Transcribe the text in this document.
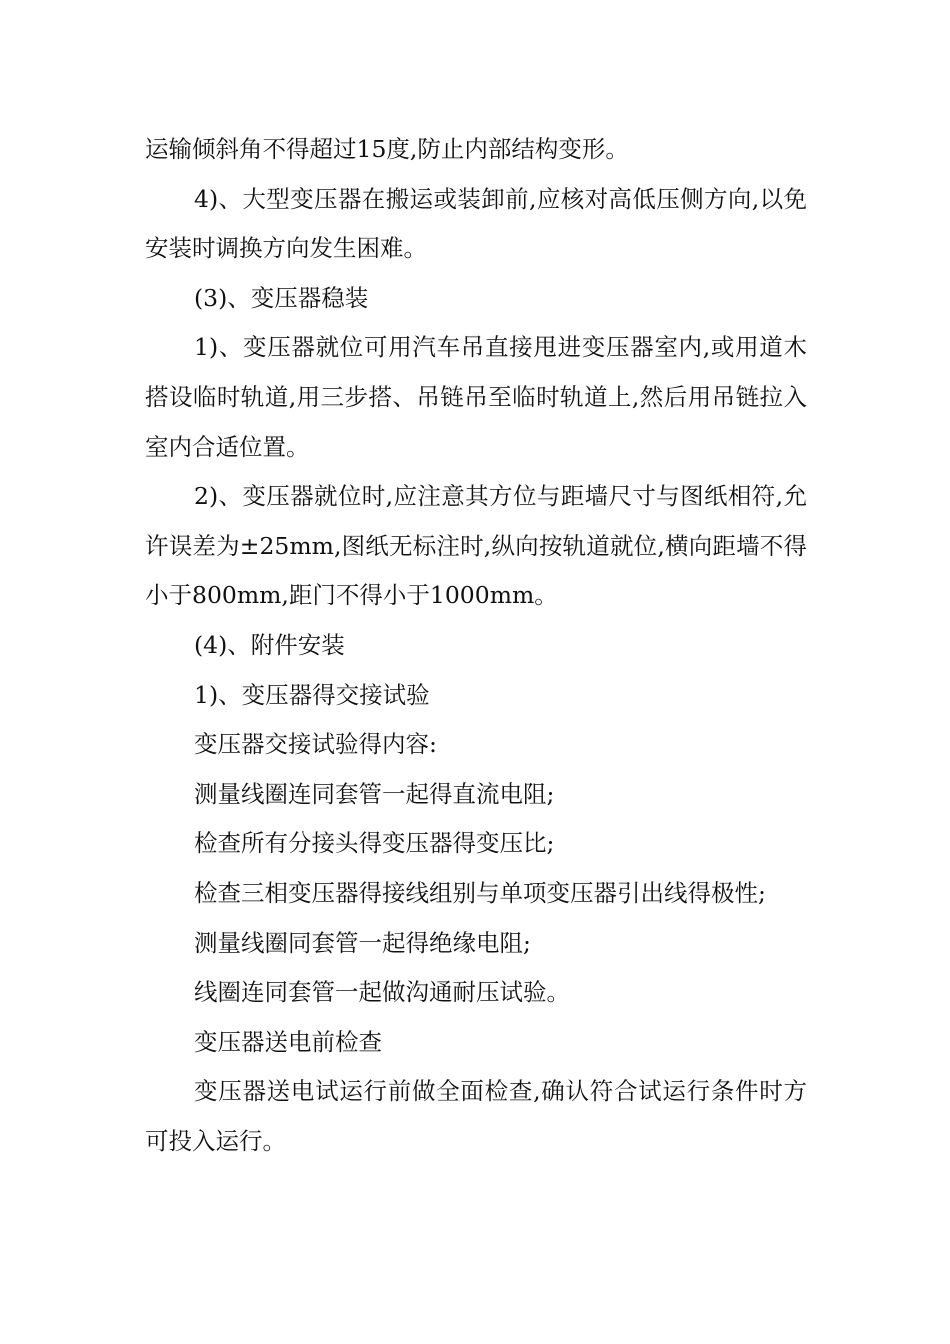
运输倾斜角不得超过15度,防止内部结构变形。

4)、大型变压器在搬运或装卸前,应核对高低压侧方向,以免安装时调换方向发生困难。

(3)、变压器稳装

1)、变压器就位可用汽车吊直接甩进变压器室内,或用道木搭设临时轨道,用三步搭、吊链吊至临时轨道上,然后用吊链拉入室内合适位置。

2)、变压器就位时,应注意其方位与距墙尺寸与图纸相符,允许误差为±25mm,图纸无标注时,纵向按轨道就位,横向距墙不得小于800mm,距门不得小于1000mm。

(4)、附件安装

1)、变压器得交接试验

变压器交接试验得内容:

测量线圈连同套管一起得直流电阻;

检查所有分接头得变压器得变压比;

检查三相变压器得接线组别与单项变压器引出线得极性;

测量线圈同套管一起得绝缘电阻;

线圈连同套管一起做沟通耐压试验。

变压器送电前检查

变压器送电试运行前做全面检查,确认符合试运行条件时方可投入运行。
